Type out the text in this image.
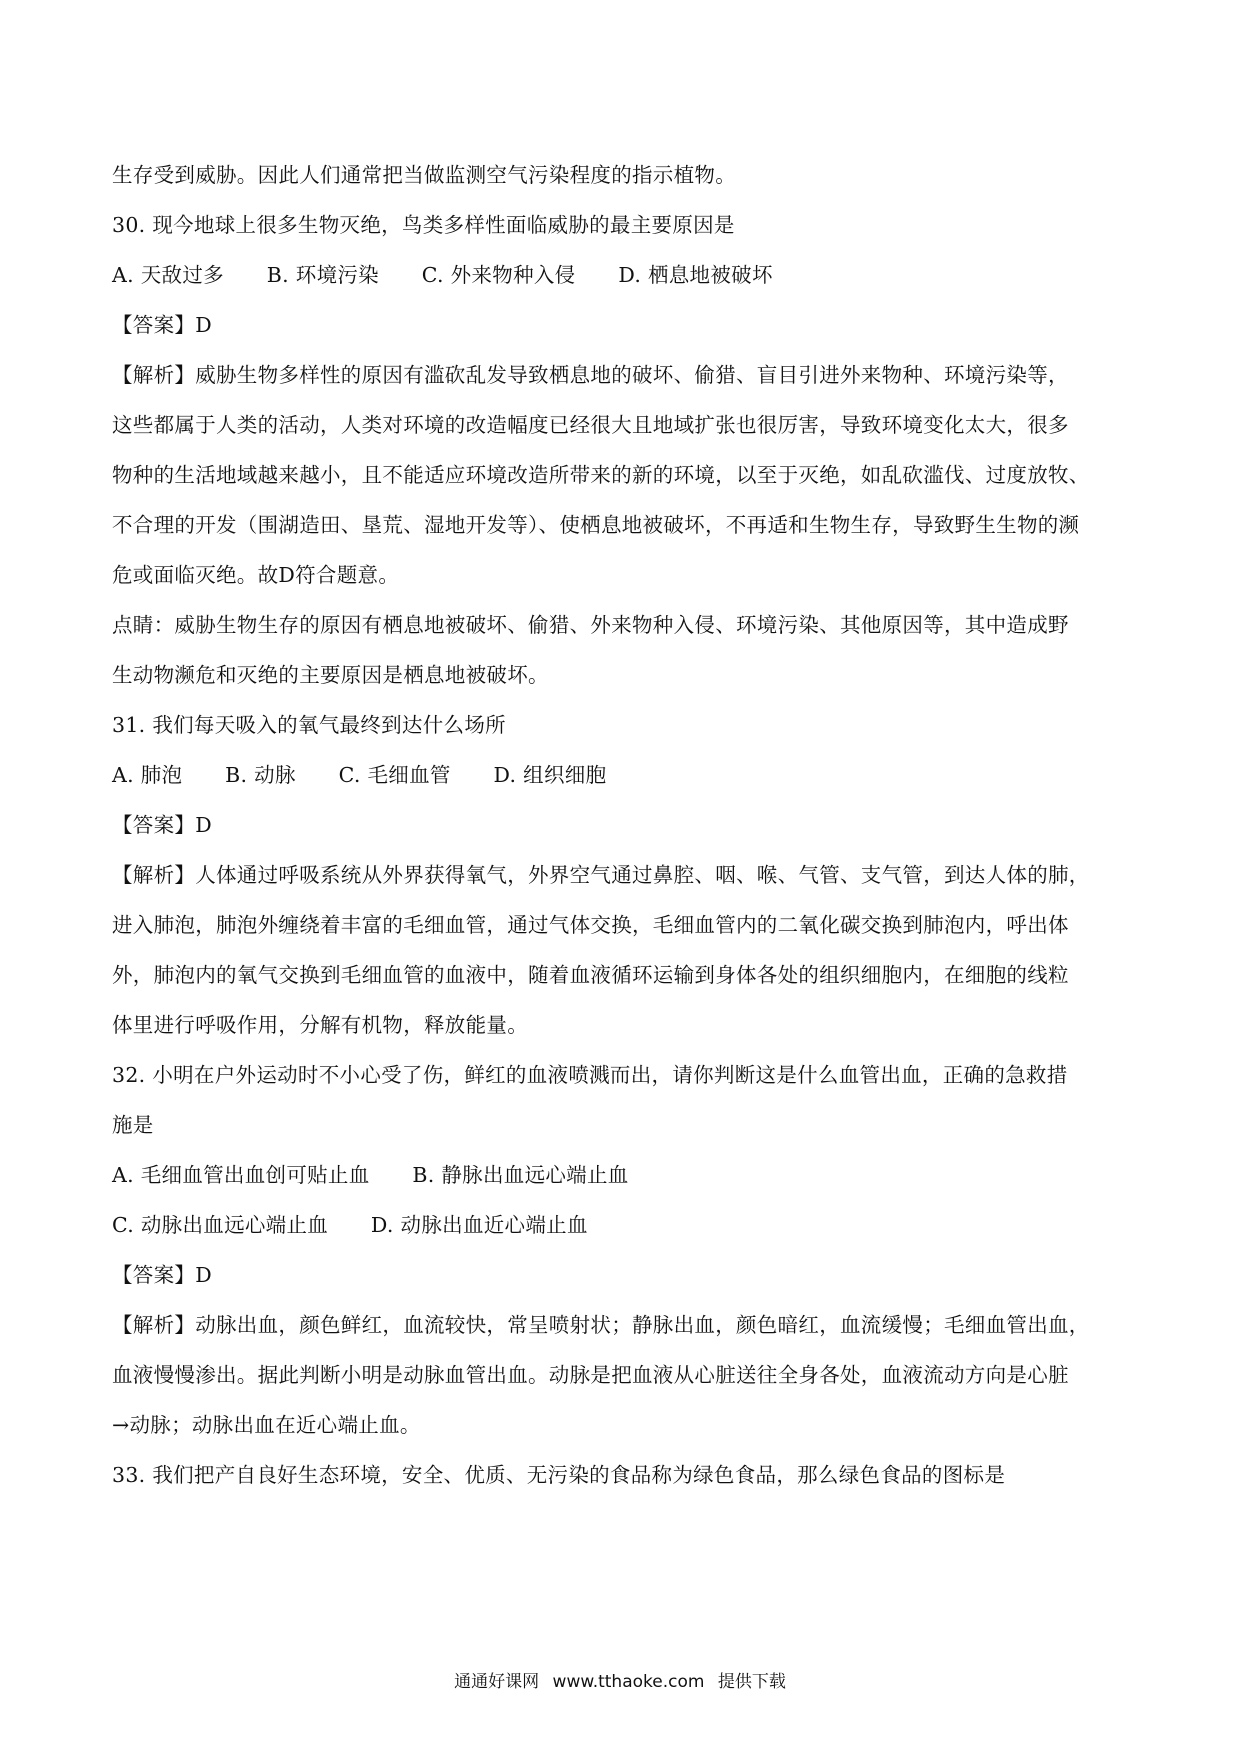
生存受到威胁。因此人们通常把当做监测空气污染程度的指示植物。
30. 现今地球上很多生物灭绝，鸟类多样性面临威胁的最主要原因是
A. 天敌过多 B. 环境污染 C. 外来物种入侵 D. 栖息地被破坏
【答案】D
【解析】威胁生物多样性的原因有滥砍乱发导致栖息地的破坏、偷猎、盲目引进外来物种、环境污染等，
这些都属于人类的活动，人类对环境的改造幅度已经很大且地域扩张也很厉害，导致环境变化太大，很多
物种的生活地域越来越小，且不能适应环境改造所带来的新的环境，以至于灭绝，如乱砍滥伐、过度放牧、
不合理的开发（围湖造田、垦荒、湿地开发等）、使栖息地被破坏，不再适和生物生存，导致野生生物的濒
危或面临灭绝。故D符合题意。
点睛：威胁生物生存的原因有栖息地被破坏、偷猎、外来物种入侵、环境污染、其他原因等，其中造成野
生动物濒危和灭绝的主要原因是栖息地被破坏。
31. 我们每天吸入的氧气最终到达什么场所
A. 肺泡 B. 动脉 C. 毛细血管 D. 组织细胞
【答案】D
【解析】人体通过呼吸系统从外界获得氧气，外界空气通过鼻腔、咽、喉、气管、支气管，到达人体的肺，
进入肺泡，肺泡外缠绕着丰富的毛细血管，通过气体交换，毛细血管内的二氧化碳交换到肺泡内，呼出体
外，肺泡内的氧气交换到毛细血管的血液中，随着血液循环运输到身体各处的组织细胞内，在细胞的线粒
体里进行呼吸作用，分解有机物，释放能量。
32. 小明在户外运动时不小心受了伤，鲜红的血液喷溅而出，请你判断这是什么血管出血，正确的急救措
施是
A. 毛细血管出血创可贴止血 B. 静脉出血远心端止血
C. 动脉出血远心端止血 D. 动脉出血近心端止血
【答案】D
【解析】动脉出血，颜色鲜红，血流较快，常呈喷射状；静脉出血，颜色暗红，血流缓慢；毛细血管出血，
血液慢慢渗出。据此判断小明是动脉血管出血。动脉是把血液从心脏送往全身各处，血液流动方向是心脏
→动脉；动脉出血在近心端止血。
33. 我们把产自良好生态环境，安全、优质、无污染的食品称为绿色食品，那么绿色食品的图标是
通通好课网 www.tthaoke.com 提供下载
